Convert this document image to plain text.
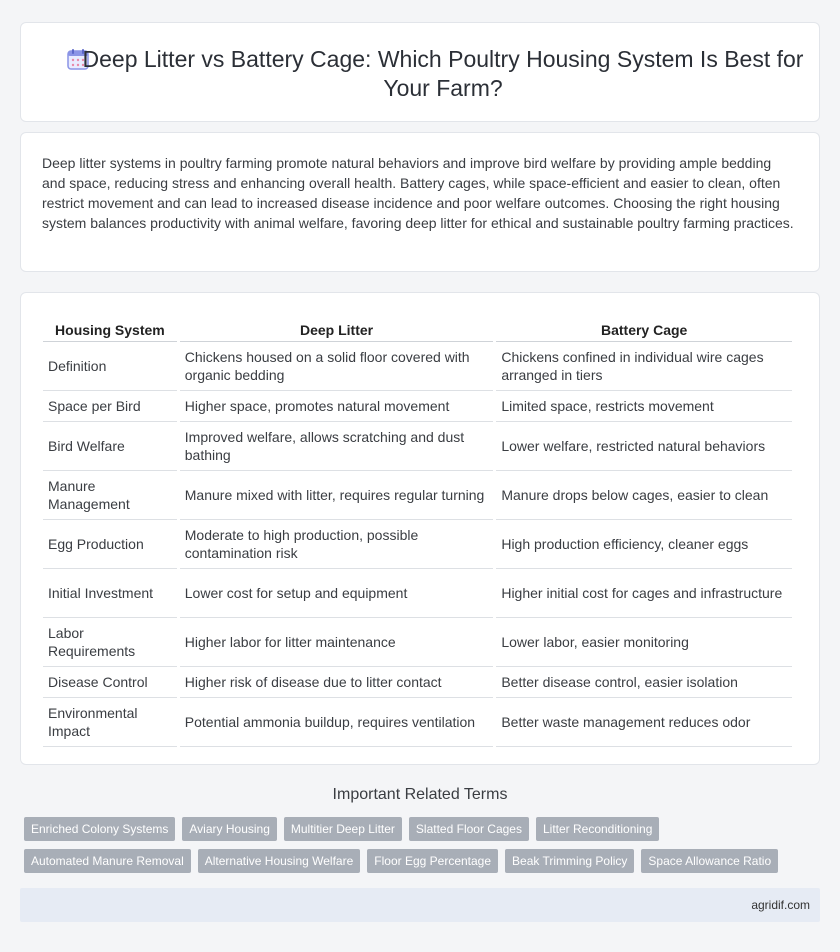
Deep Litter vs Battery Cage: Which Poultry Housing System Is Best for Your Farm?

Deep litter systems in poultry farming promote natural behaviors and improve bird welfare by providing ample bedding and space, reducing stress and enhancing overall health. Battery cages, while space-efficient and easier to clean, often restrict movement and can lead to increased disease incidence and poor welfare outcomes. Choosing the right housing system balances productivity with animal welfare, favoring deep litter for ethical and sustainable poultry farming practices.

Housing System	Deep Litter	Battery Cage
Definition	Chickens housed on a solid floor covered with organic bedding	Chickens confined in individual wire cages arranged in tiers
Space per Bird	Higher space, promotes natural movement	Limited space, restricts movement
Bird Welfare	Improved welfare, allows scratching and dust bathing	Lower welfare, restricted natural behaviors
Manure Management	Manure mixed with litter, requires regular turning	Manure drops below cages, easier to clean
Egg Production	Moderate to high production, possible contamination risk	High production efficiency, cleaner eggs
Initial Investment	Lower cost for setup and equipment	Higher initial cost for cages and infrastructure
Labor Requirements	Higher labor for litter maintenance	Lower labor, easier monitoring
Disease Control	Higher risk of disease due to litter contact	Better disease control, easier isolation
Environmental Impact	Potential ammonia buildup, requires ventilation	Better waste management reduces odor
Important Related Terms
Enriched Colony Systems	Aviary Housing	Multitier Deep Litter	Slatted Floor Cages	Litter Reconditioning
Automated Manure Removal	Alternative Housing Welfare	Floor Egg Percentage	Beak Trimming Policy	Space Allowance Ratio
agridif.com
